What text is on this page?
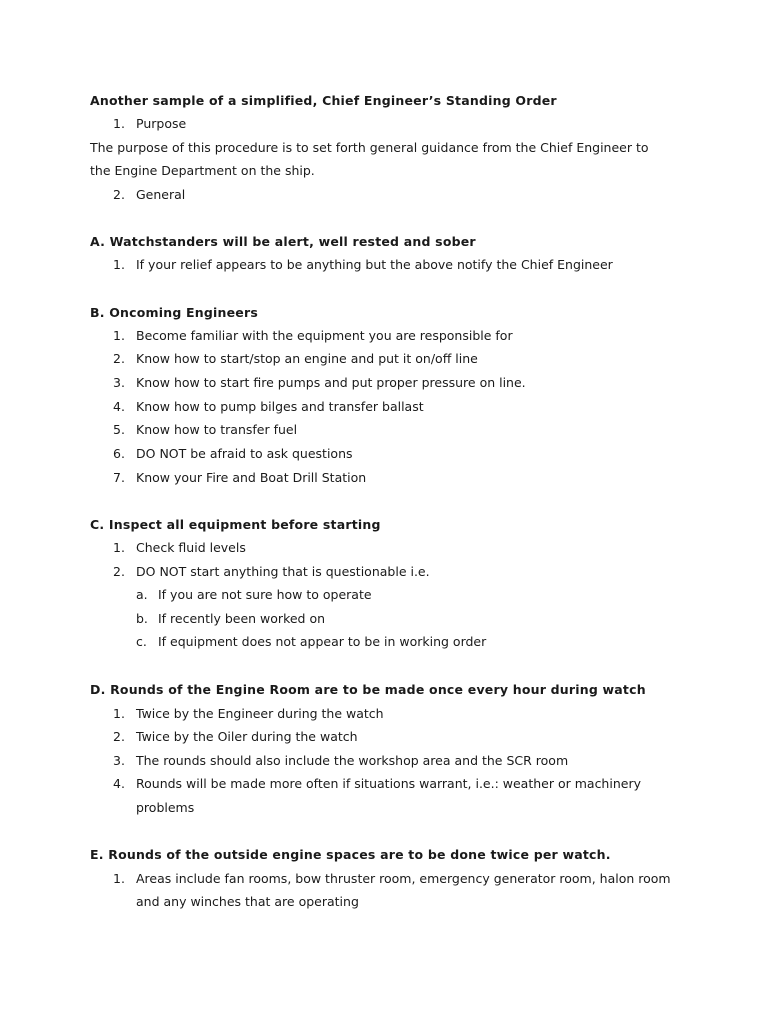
Another sample of a simplified, Chief Engineer’s Standing Order
1. Purpose
The purpose of this procedure is to set forth general guidance from the Chief Engineer to
the Engine Department on the ship.
2. General
A. Watchstanders will be alert, well rested and sober
1. If your relief appears to be anything but the above notify the Chief Engineer
B. Oncoming Engineers
1. Become familiar with the equipment you are responsible for
2. Know how to start/stop an engine and put it on/off line
3. Know how to start fire pumps and put proper pressure on line.
4. Know how to pump bilges and transfer ballast
5. Know how to transfer fuel
6. DO NOT be afraid to ask questions
7. Know your Fire and Boat Drill Station
C. Inspect all equipment before starting
1. Check fluid levels
2. DO NOT start anything that is questionable i.e.
a. If you are not sure how to operate
b. If recently been worked on
c. If equipment does not appear to be in working order
D. Rounds of the Engine Room are to be made once every hour during watch
1. Twice by the Engineer during the watch
2. Twice by the Oiler during the watch
3. The rounds should also include the workshop area and the SCR room
4. Rounds will be made more often if situations warrant, i.e.: weather or machinery
problems
E. Rounds of the outside engine spaces are to be done twice per watch.
1. Areas include fan rooms, bow thruster room, emergency generator room, halon room
and any winches that are operating
